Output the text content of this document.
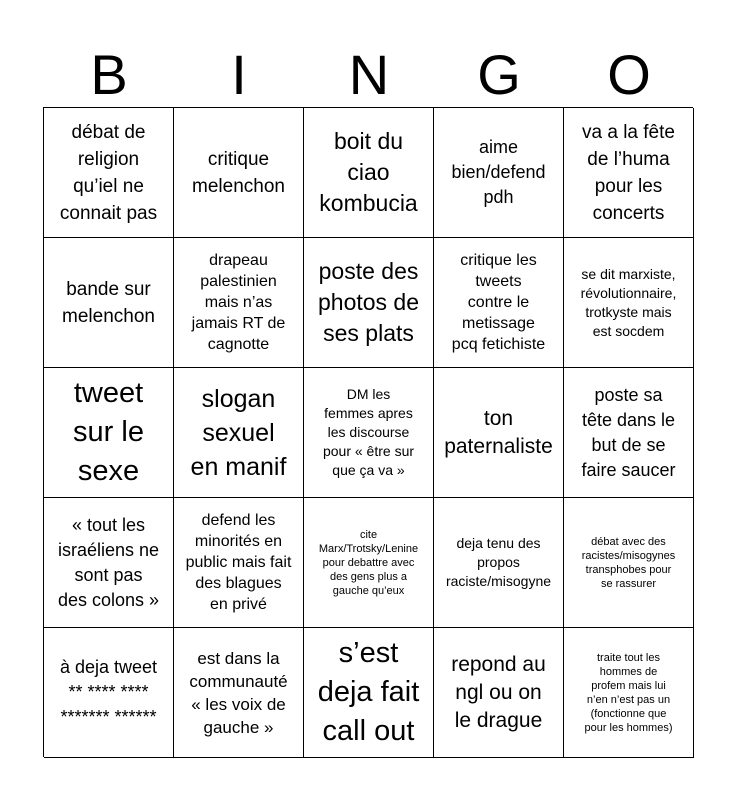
B	I	N	G	O
débat de
religion
qu’iel ne
connait pas
critique
melenchon
boit du
ciao
kombucia
aime
bien/defend
pdh
va a la fête
de l’huma
pour les
concerts
bande sur
melenchon
drapeau
palestinien
mais n’as
jamais RT de
cagnotte
poste des
photos de
ses plats
critique les
tweets
contre le
metissage
pcq fetichiste
se dit marxiste,
révolutionnaire,
trotkyste mais
est socdem
tweet
sur le
sexe
slogan
sexuel
en manif
DM les
femmes apres
les discourse
pour « être sur
que ça va »
ton
paternaliste
poste sa
tête dans le
but de se
faire saucer
« tout les
israéliens ne
sont pas
des colons »
defend les
minorités en
public mais fait
des blagues
en privé
cite
Marx/Trotsky/Lenine
pour debattre avec
des gens plus a
gauche qu’eux
deja tenu des
propos
raciste/misogyne
débat avec des
racistes/misogynes
transphobes pour
se rassurer
à deja tweet
** **** ****
******* ******
est dans la
communauté
« les voix de
gauche »
s’est
deja fait
call out
repond au
ngl ou on
le drague
traite tout les
hommes de
profem mais lui
n’en n’est pas un
(fonctionne que
pour les hommes)
